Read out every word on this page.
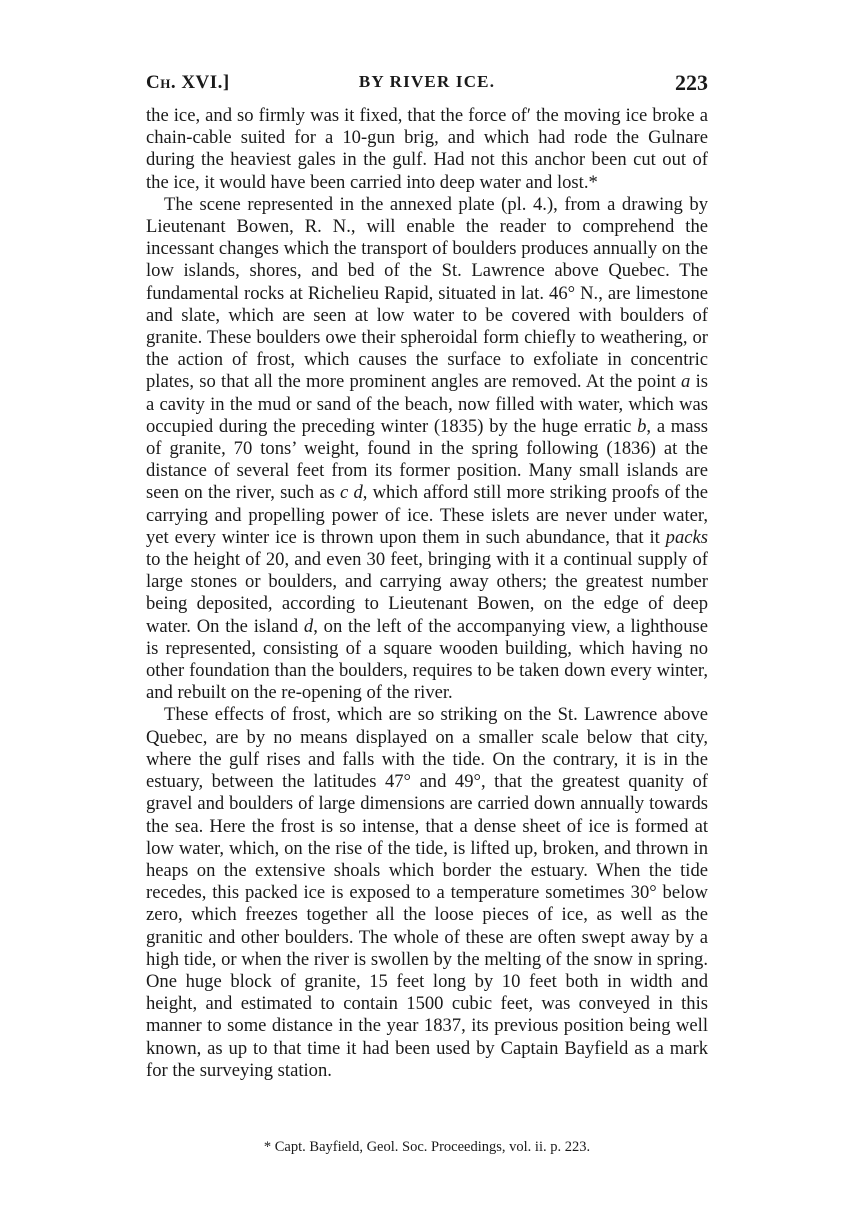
Ch. XVI.]	BY RIVER ICE.	223

the ice, and so firmly was it fixed, that the force of′ the moving ice broke a chain-cable suited for a 10-gun brig, and which had rode the Gulnare during the heaviest gales in the gulf. Had not this anchor been cut out of the ice, it would have been carried into deep water and lost.*

The scene represented in the annexed plate (pl. 4.), from a drawing by Lieutenant Bowen, R. N., will enable the reader to comprehend the incessant changes which the transport of boulders produces annually on the low islands, shores, and bed of the St. Lawrence above Quebec. The fundamental rocks at Richelieu Rapid, situated in lat. 46° N., are limestone and slate, which are seen at low water to be covered with boulders of granite. These boulders owe their spheroidal form chiefly to weathering, or the action of frost, which causes the surface to exfoliate in concentric plates, so that all the more prominent angles are removed. At the point a is a cavity in the mud or sand of the beach, now filled with water, which was occupied during the preceding winter (1835) by the huge erratic b, a mass of granite, 70 tons’ weight, found in the spring following (1836) at the distance of several feet from its former position. Many small islands are seen on the river, such as c d, which afford still more striking proofs of the carrying and propelling power of ice. These islets are never under water, yet every winter ice is thrown upon them in such abundance, that it packs to the height of 20, and even 30 feet, bringing with it a continual supply of large stones or boulders, and carrying away others; the greatest number being deposited, according to Lieutenant Bowen, on the edge of deep water. On the island d, on the left of the accompanying view, a lighthouse is represented, consisting of a square wooden building, which having no other foundation than the boulders, requires to be taken down every winter, and rebuilt on the re-opening of the river.

These effects of frost, which are so striking on the St. Lawrence above Quebec, are by no means displayed on a smaller scale below that city, where the gulf rises and falls with the tide. On the contrary, it is in the estuary, between the latitudes 47° and 49°, that the greatest quanity of gravel and boulders of large dimensions are carried down annually towards the sea. Here the frost is so intense, that a dense sheet of ice is formed at low water, which, on the rise of the tide, is lifted up, broken, and thrown in heaps on the extensive shoals which border the estuary. When the tide recedes, this packed ice is exposed to a temperature sometimes 30° below zero, which freezes together all the loose pieces of ice, as well as the granitic and other boulders. The whole of these are often swept away by a high tide, or when the river is swollen by the melting of the snow in spring. One huge block of granite, 15 feet long by 10 feet both in width and height, and estimated to contain 1500 cubic feet, was conveyed in this manner to some distance in the year 1837, its previous position being well known, as up to that time it had been used by Captain Bayfield as a mark for the surveying station.

* Capt. Bayfield, Geol. Soc. Proceedings, vol. ii. p. 223.
